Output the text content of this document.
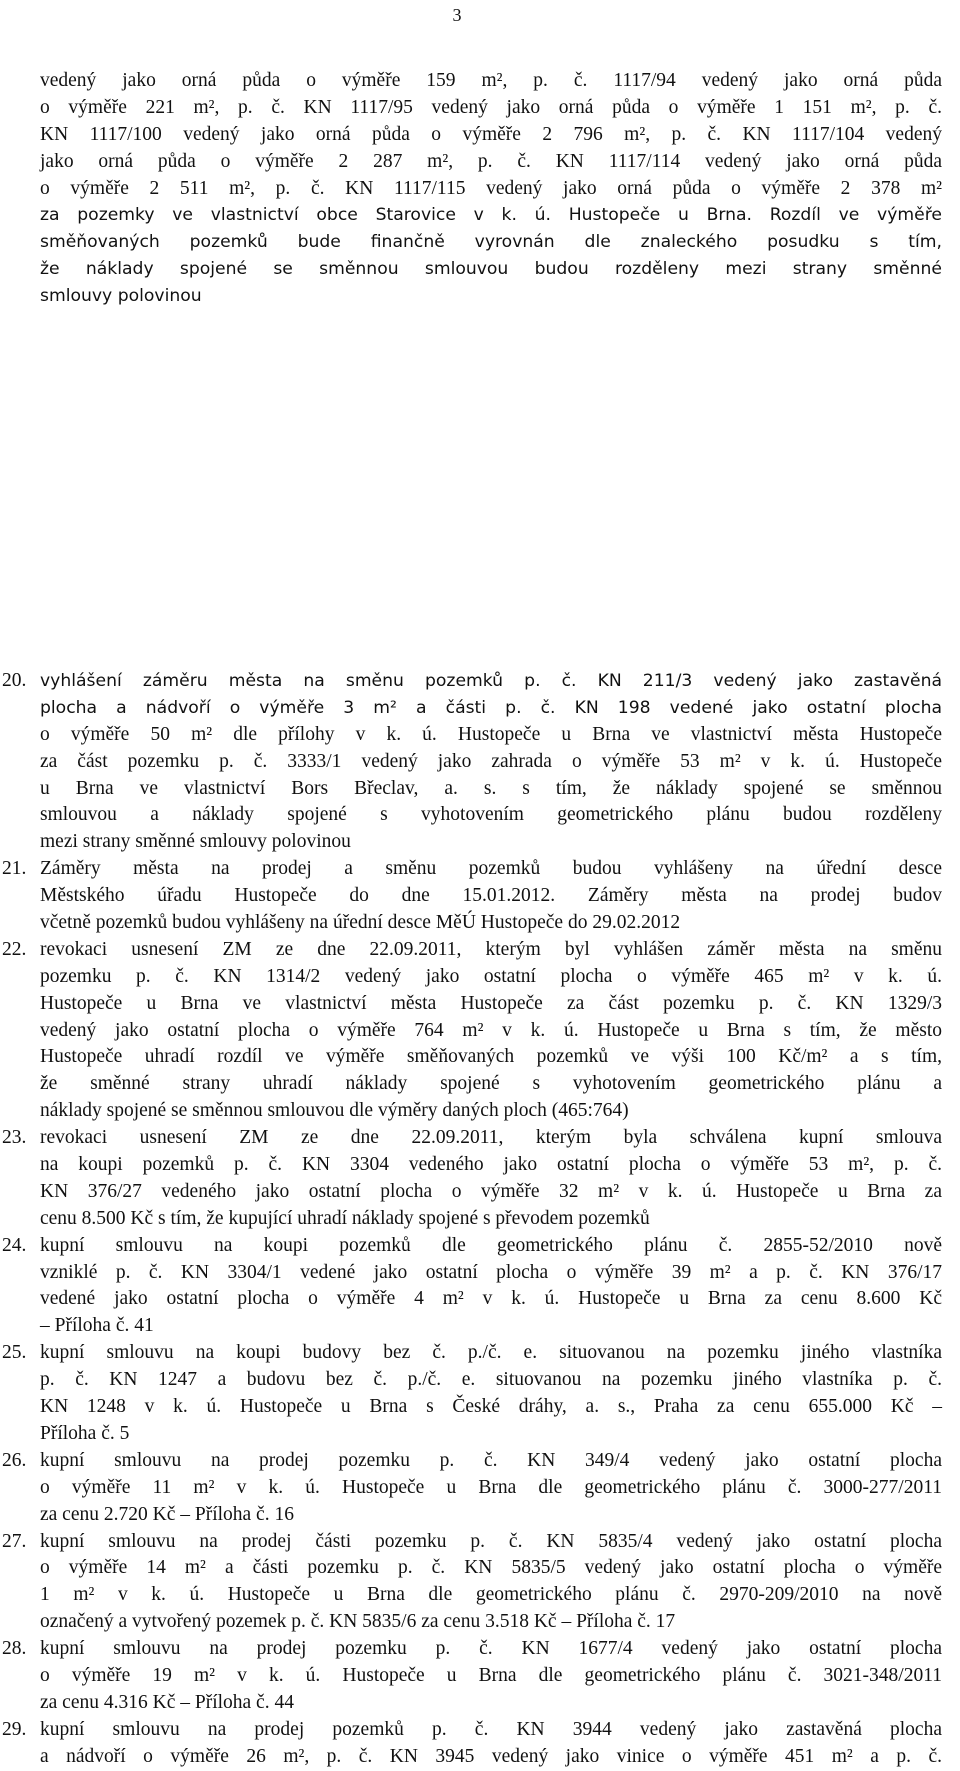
3
vedený jako orná půda o výměře 159 m², p. č. 1117/94 vedený jako orná půda
o výměře 221 m², p. č. KN 1117/95 vedený jako orná půda o výměře 1 151 m², p. č.
KN 1117/100 vedený jako orná půda o výměře 2 796 m², p. č. KN 1117/104 vedený
jako orná půda o výměře 2 287 m², p. č. KN 1117/114 vedený jako orná půda
o výměře 2 511 m², p. č. KN 1117/115 vedený jako orná půda o výměře 2 378 m²
za pozemky ve vlastnictví obce Starovice v k. ú. Hustopeče u Brna. Rozdíl ve výměře
směňovaných pozemků bude finančně vyrovnán dle znaleckého posudku s tím,
že náklady spojené se směnnou smlouvou budou rozděleny mezi strany směnné
smlouvy polovinou
20. vyhlášení záměru města na směnu pozemků p. č. KN 211/3 vedený jako zastavěná
plocha a nádvoří o výměře 3 m² a části p. č. KN 198 vedené jako ostatní plocha
o výměře 50 m² dle přílohy v k. ú. Hustopeče u Brna ve vlastnictví města Hustopeče
za část pozemku p. č. 3333/1 vedený jako zahrada o výměře 53 m² v k. ú. Hustopeče
u Brna ve vlastnictví Bors Břeclav, a. s. s tím, že náklady spojené se směnnou
smlouvou a náklady spojené s vyhotovením geometrického plánu budou rozděleny
mezi strany směnné smlouvy polovinou
21. Záměry města na prodej a směnu pozemků budou vyhlášeny na úřední desce
Městského úřadu Hustopeče do dne 15.01.2012. Záměry města na prodej budov
včetně pozemků budou vyhlášeny na úřední desce MěÚ Hustopeče do 29.02.2012
22. revokaci usnesení ZM ze dne 22.09.2011, kterým byl vyhlášen záměr města na směnu
pozemku p. č. KN 1314/2 vedený jako ostatní plocha o výměře 465 m² v k. ú.
Hustopeče u Brna ve vlastnictví města Hustopeče za část pozemku p. č. KN 1329/3
vedený jako ostatní plocha o výměře 764 m² v k. ú. Hustopeče u Brna s tím, že město
Hustopeče uhradí rozdíl ve výměře směňovaných pozemků ve výši 100 Kč/m² a s tím,
že směnné strany uhradí náklady spojené s vyhotovením geometrického plánu a
náklady spojené se směnnou smlouvou dle výměry daných ploch (465:764)
23. revokaci usnesení ZM ze dne 22.09.2011, kterým byla schválena kupní smlouva
na koupi pozemků p. č. KN 3304 vedeného jako ostatní plocha o výměře 53 m², p. č.
KN 376/27 vedeného jako ostatní plocha o výměře 32 m² v k. ú. Hustopeče u Brna za
cenu 8.500 Kč s tím, že kupující uhradí náklady spojené s převodem pozemků
24. kupní smlouvu na koupi pozemků dle geometrického plánu č. 2855-52/2010 nově
vzniklé p. č. KN 3304/1 vedené jako ostatní plocha o výměře 39 m² a p. č. KN 376/17
vedené jako ostatní plocha o výměře 4 m² v k. ú. Hustopeče u Brna za cenu 8.600 Kč
– Příloha č. 41
25. kupní smlouvu na koupi budovy bez č. p./č. e. situovanou na pozemku jiného vlastníka
p. č. KN 1247 a budovu bez č. p./č. e. situovanou na pozemku jiného vlastníka p. č.
KN 1248 v k. ú. Hustopeče u Brna s České dráhy, a. s., Praha za cenu 655.000 Kč –
Příloha č. 5
26. kupní smlouvu na prodej pozemku p. č. KN 349/4 vedený jako ostatní plocha
o výměře 11 m² v k. ú. Hustopeče u Brna dle geometrického plánu č. 3000-277/2011
za cenu 2.720 Kč – Příloha č. 16
27. kupní smlouvu na prodej části pozemku p. č. KN 5835/4 vedený jako ostatní plocha
o výměře 14 m² a části pozemku p. č. KN 5835/5 vedený jako ostatní plocha o výměře
1 m² v k. ú. Hustopeče u Brna dle geometrického plánu č. 2970-209/2010 na nově
označený a vytvořený pozemek p. č. KN 5835/6 za cenu 3.518 Kč – Příloha č. 17
28. kupní smlouvu na prodej pozemku p. č. KN 1677/4 vedený jako ostatní plocha
o výměře 19 m² v k. ú. Hustopeče u Brna dle geometrického plánu č. 3021-348/2011
za cenu 4.316 Kč – Příloha č. 44
29. kupní smlouvu na prodej pozemků p. č. KN 3944 vedený jako zastavěná plocha
a nádvoří o výměře 26 m², p. č. KN 3945 vedený jako vinice o výměře 451 m² a p. č.
